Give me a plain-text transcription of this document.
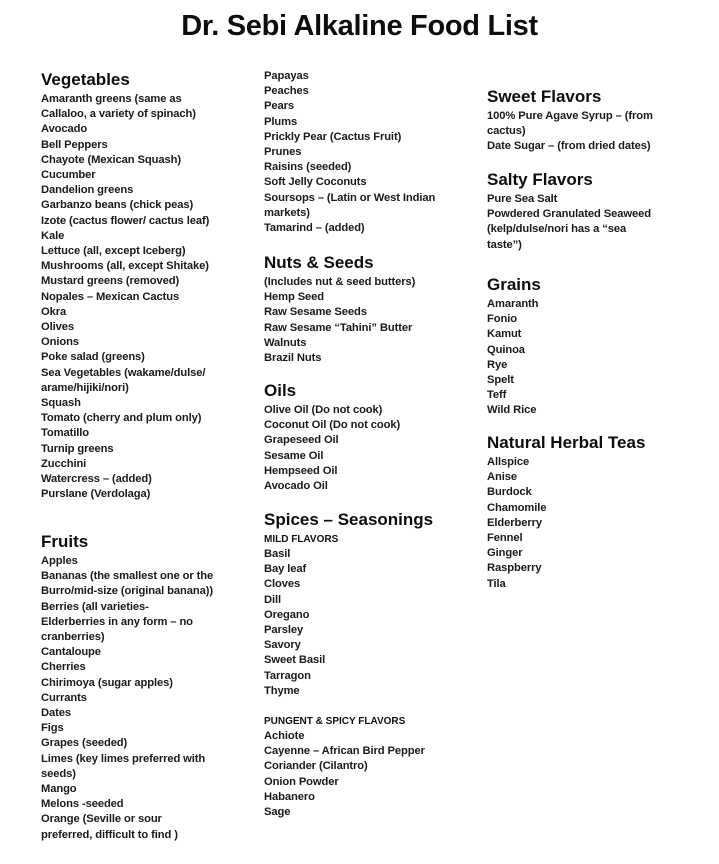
Dr. Sebi Alkaline Food List
Vegetables
Amaranth greens (same as
Callaloo, a variety of spinach)
Avocado
Bell Peppers
Chayote (Mexican Squash)
Cucumber
Dandelion greens
Garbanzo beans (chick peas)
Izote (cactus flower/ cactus leaf)
Kale
Lettuce (all, except Iceberg)
Mushrooms (all, except Shitake)
Mustard greens (removed)
Nopales – Mexican Cactus
Okra
Olives
Onions
Poke salad (greens)
Sea Vegetables (wakame/dulse/
arame/hijiki/nori)
Squash
Tomato (cherry and plum only)
Tomatillo
Turnip greens
Zucchini
Watercress – (added)
Purslane (Verdolaga)
Fruits
Apples
Bananas (the smallest one or the
Burro/mid-size (original banana))
Berries (all varieties-
Elderberries in any form – no
cranberries)
Cantaloupe
Cherries
Chirimoya (sugar apples)
Currants
Dates
Figs
Grapes (seeded)
Limes (key limes preferred with
seeds)
Mango
Melons -seeded
Orange (Seville or sour
preferred, difficult to find )
Papayas
Peaches
Pears
Plums
Prickly Pear (Cactus Fruit)
Prunes
Raisins (seeded)
Soft Jelly Coconuts
Soursops – (Latin or West Indian
markets)
Tamarind – (added)
Nuts & Seeds
(Includes nut & seed butters)
Hemp Seed
Raw Sesame Seeds
Raw Sesame “Tahini” Butter
Walnuts
Brazil Nuts
Oils
Olive Oil (Do not cook)
Coconut Oil (Do not cook)
Grapeseed Oil
Sesame Oil
Hempseed Oil
Avocado Oil
Spices – Seasonings
MILD FLAVORS
Basil
Bay leaf
Cloves
Dill
Oregano
Parsley
Savory
Sweet Basil
Tarragon
Thyme
PUNGENT & SPICY FLAVORS
Achiote
Cayenne – African Bird Pepper
Coriander (Cilantro)
Onion Powder
Habanero
Sage
Sweet Flavors
100% Pure Agave Syrup – (from
cactus)
Date Sugar – (from dried dates)
Salty Flavors
Pure Sea Salt
Powdered Granulated Seaweed
(kelp/dulse/nori has a “sea
taste”)
Grains
Amaranth
Fonio
Kamut
Quinoa
Rye
Spelt
Teff
Wild Rice
Natural Herbal Teas
Allspice
Anise
Burdock
Chamomile
Elderberry
Fennel
Ginger
Raspberry
Tila
